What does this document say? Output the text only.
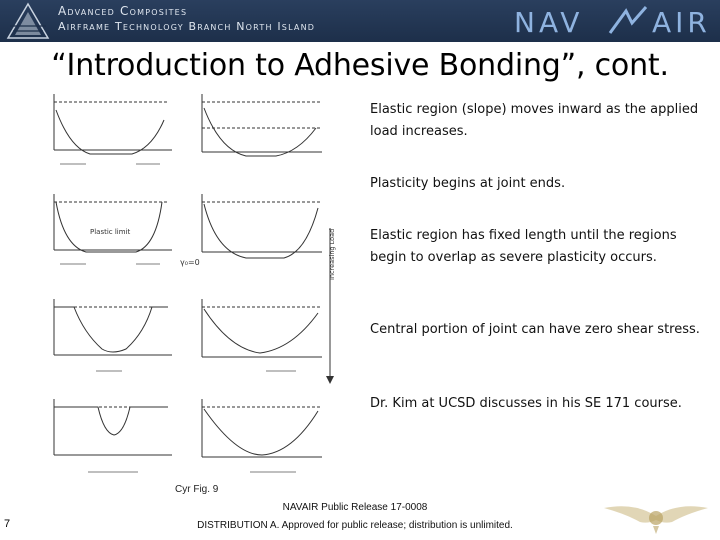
Advanced Composites
Airframe Technology Branch North Island	NAV AIR
“Introduction to Adhesive Bonding”, cont.
Plastic limit
γ₀=0	Increasing Load
Elastic region (slope) moves inward as the applied load increases.
Plasticity begins at joint ends.
Elastic region has fixed length until the regions begin to overlap as severe plasticity occurs.
Central portion of joint can have zero shear stress.
Dr. Kim at UCSD discusses in his SE 171 course.
Cyr Fig. 9
NAVAIR Public Release 17-0008
DISTRIBUTION A. Approved for public release; distribution is unlimited.
7
